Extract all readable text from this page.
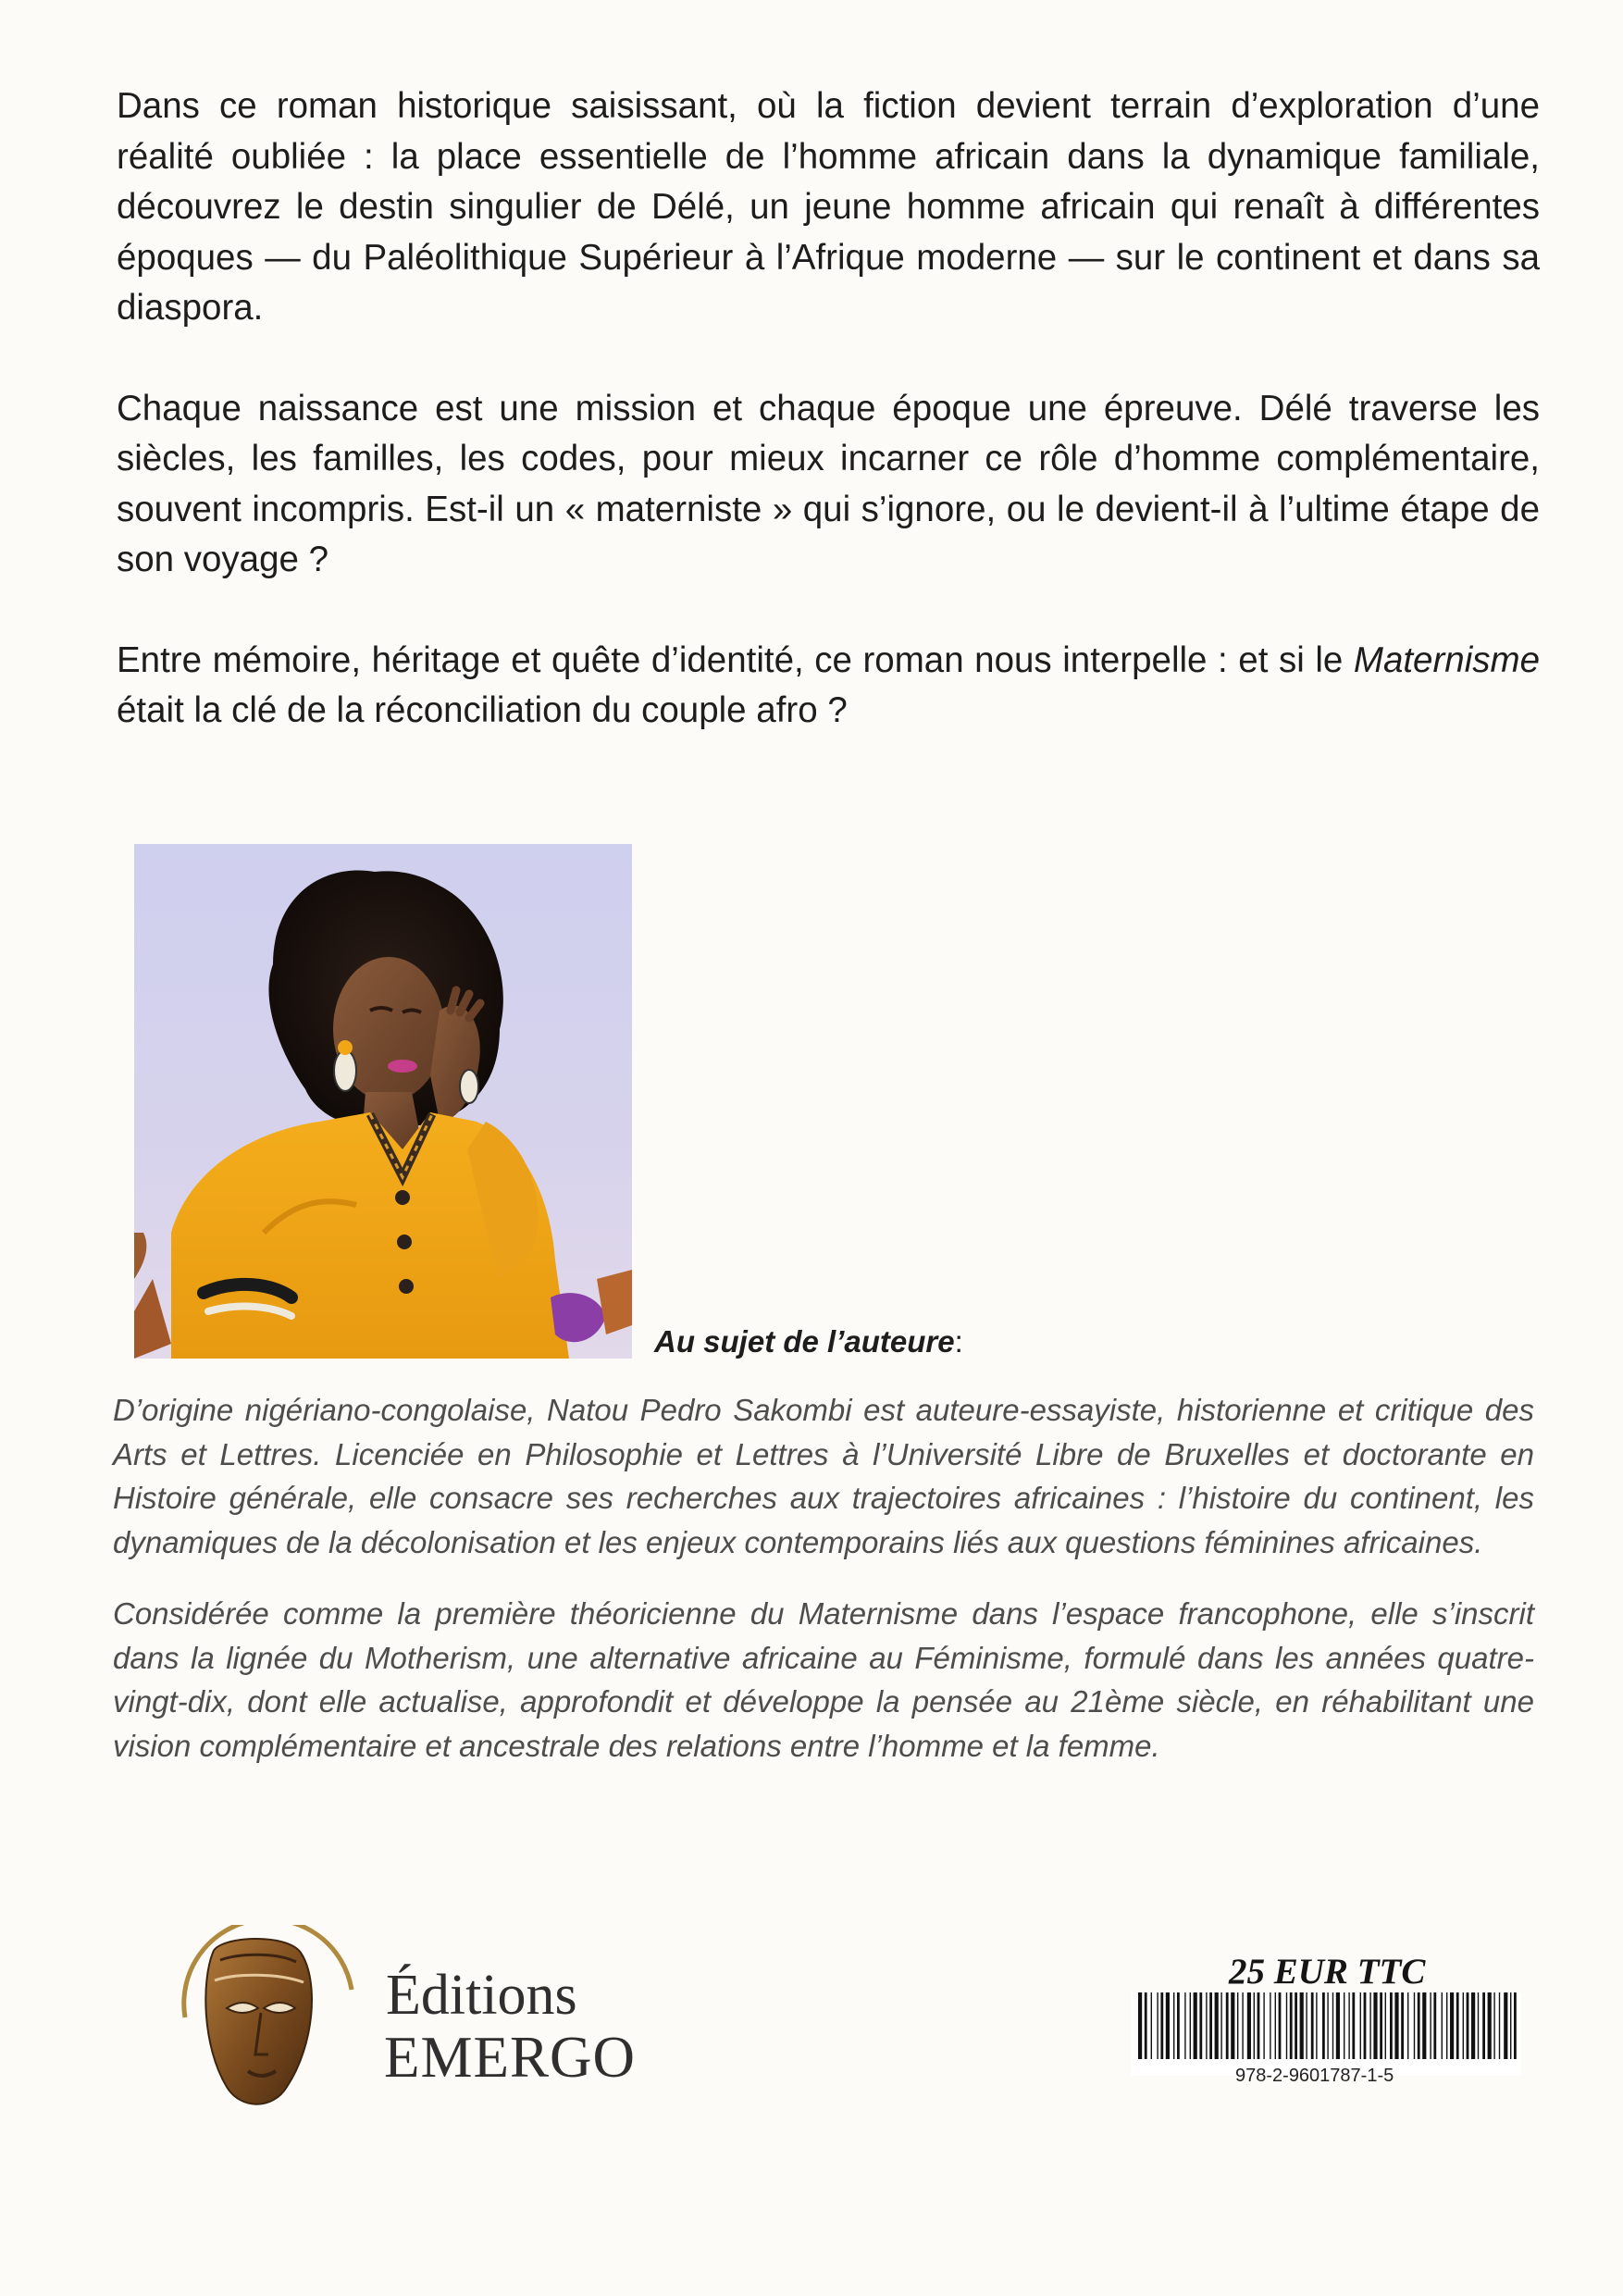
Dans ce roman historique saisissant, où la fiction devient terrain d’exploration d’une réalité oubliée : la place essentielle de l’homme africain dans la dynamique familiale, découvrez le destin singulier de Délé, un jeune homme africain qui renaît à différentes époques — du Paléolithique Supérieur à l’Afrique moderne — sur le continent et dans sa diaspora.

Chaque naissance est une mission et chaque époque une épreuve. Délé traverse les siècles, les familles, les codes, pour mieux incarner ce rôle d’homme complémentaire, souvent incompris. Est-il un « materniste » qui s’ignore, ou le devient-il à l’ultime étape de son voyage ?

Entre mémoire, héritage et quête d’identité, ce roman nous interpelle : et si le Maternisme était la clé de la réconciliation du couple afro ?

Au sujet de l’auteure:

D’origine nigériano-congolaise, Natou Pedro Sakombi est auteure-essayiste, historienne et critique des Arts et Lettres. Licenciée en Philosophie et Lettres à l’Université Libre de Bruxelles et doctorante en Histoire générale, elle consacre ses recherches aux trajectoires africaines : l’histoire du continent, les dynamiques de la décolonisation et les enjeux contemporains liés aux questions féminines africaines.

Considérée comme la première théoricienne du Maternisme dans l’espace francophone, elle s’inscrit dans la lignée du Motherism, une alternative africaine au Féminisme, formulé dans les années quatre-vingt-dix, dont elle actualise, approfondit et développe la pensée au 21ème siècle, en réhabilitant une vision complémentaire et ancestrale des relations entre l’homme et la femme.

Éditions
EMERGO
25 EUR TTC
978-2-9601787-1-5
